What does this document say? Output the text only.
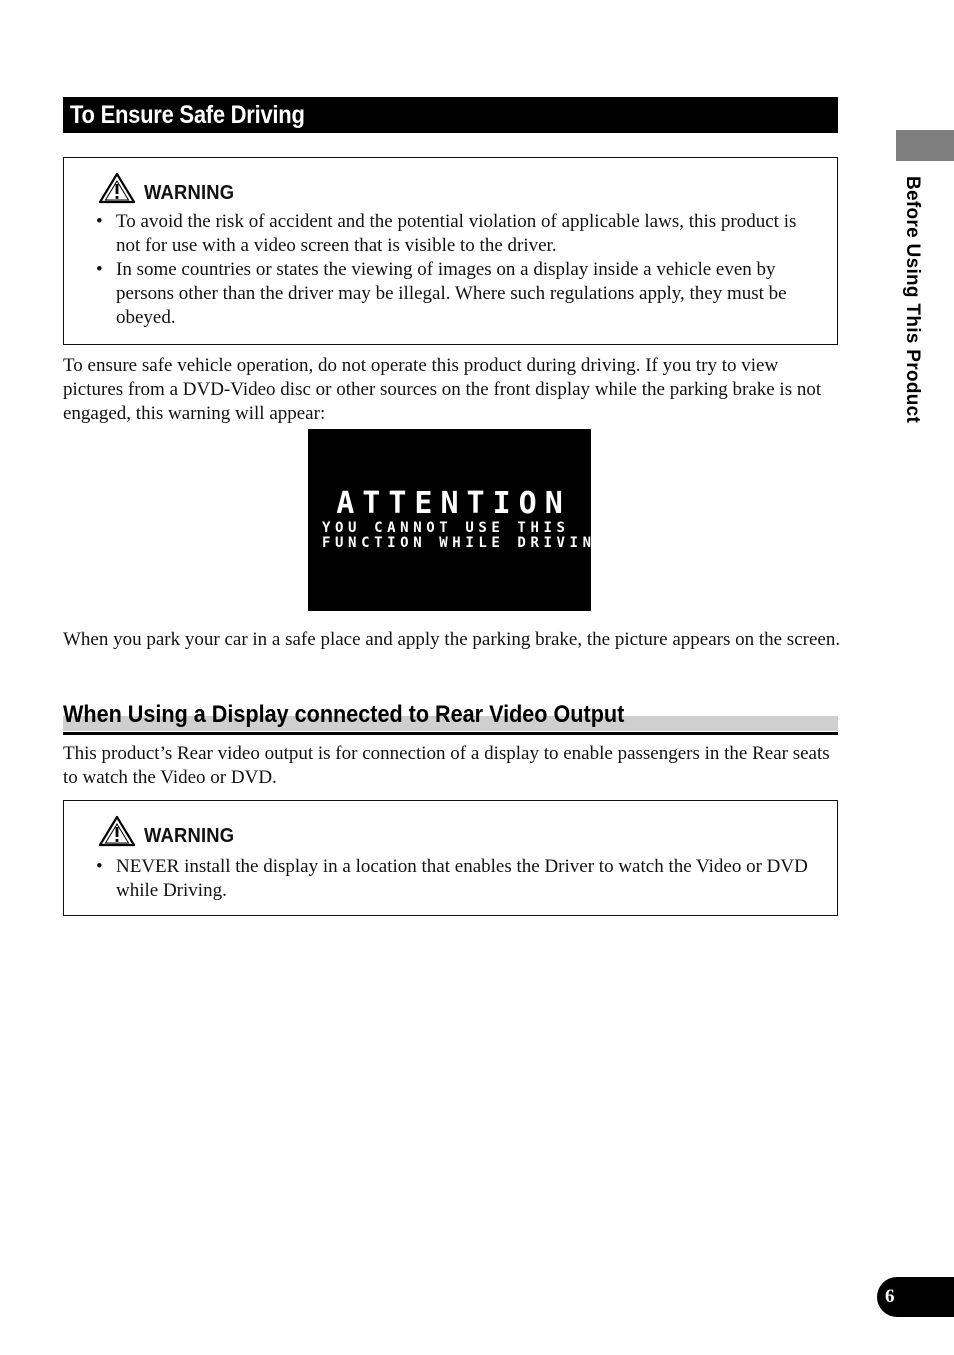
Before Using This Product
To Ensure Safe Driving
WARNING
• To avoid the risk of accident and the potential violation of applicable laws, this product is not for use with a video screen that is visible to the driver.
• In some countries or states the viewing of images on a display inside a vehicle even by persons other than the driver may be illegal. Where such regulations apply, they must be obeyed.

To ensure safe vehicle operation, do not operate this product during driving. If you try to view pictures from a DVD-Video disc or other sources on the front display while the parking brake is not engaged, this warning will appear:

ATTENTION
YOU CANNOT USE THIS
FUNCTION WHILE DRIVING

When you park your car in a safe place and apply the parking brake, the picture appears on the screen.

When Using a Display connected to Rear Video Output

This product’s Rear video output is for connection of a display to enable passengers in the Rear seats to watch the Video or DVD.

WARNING
• NEVER install the display in a location that enables the Driver to watch the Video or DVD while Driving.
6
